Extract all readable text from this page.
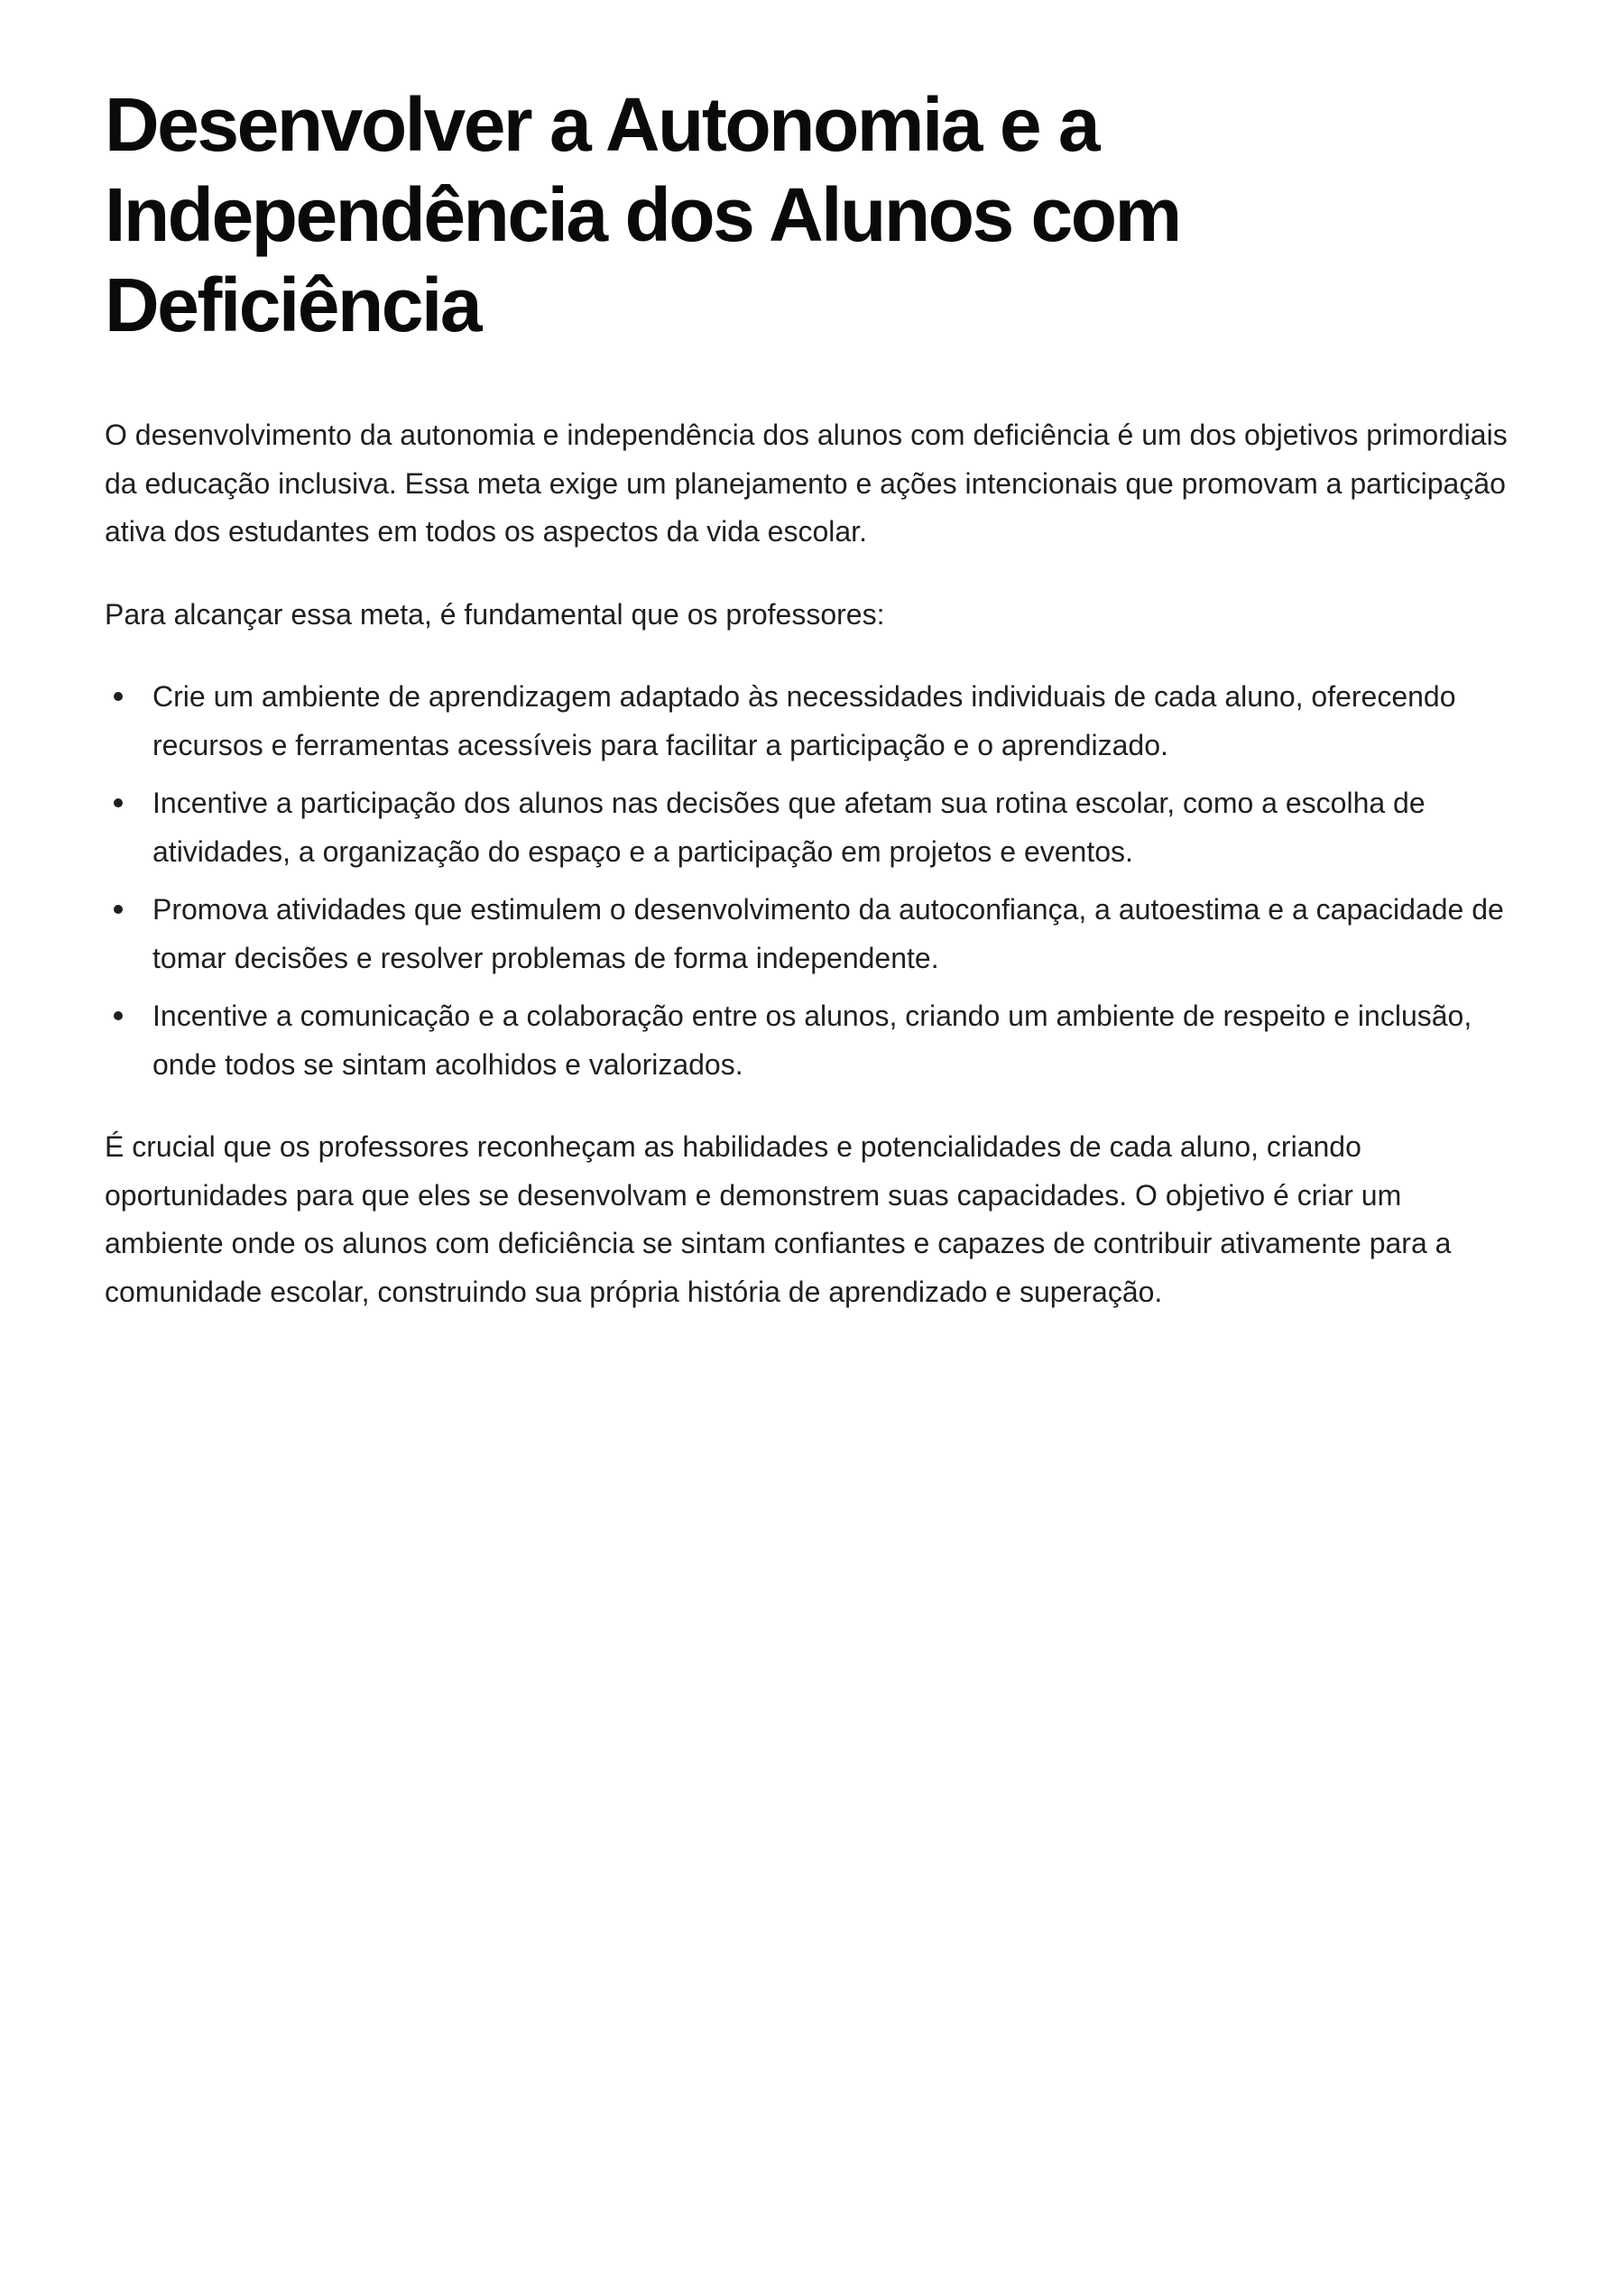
Desenvolver a Autonomia e a Independência dos Alunos com Deficiência

O desenvolvimento da autonomia e independência dos alunos com deficiência é um dos objetivos primordiais da educação inclusiva. Essa meta exige um planejamento e ações intencionais que promovam a participação ativa dos estudantes em todos os aspectos da vida escolar.

Para alcançar essa meta, é fundamental que os professores:

Crie um ambiente de aprendizagem adaptado às necessidades individuais de cada aluno, oferecendo recursos e ferramentas acessíveis para facilitar a participação e o aprendizado.
Incentive a participação dos alunos nas decisões que afetam sua rotina escolar, como a escolha de atividades, a organização do espaço e a participação em projetos e eventos.
Promova atividades que estimulem o desenvolvimento da autoconfiança, a autoestima e a capacidade de tomar decisões e resolver problemas de forma independente.
Incentive a comunicação e a colaboração entre os alunos, criando um ambiente de respeito e inclusão, onde todos se sintam acolhidos e valorizados.

É crucial que os professores reconheçam as habilidades e potencialidades de cada aluno, criando oportunidades para que eles se desenvolvam e demonstrem suas capacidades. O objetivo é criar um ambiente onde os alunos com deficiência se sintam confiantes e capazes de contribuir ativamente para a comunidade escolar, construindo sua própria história de aprendizado e superação.
